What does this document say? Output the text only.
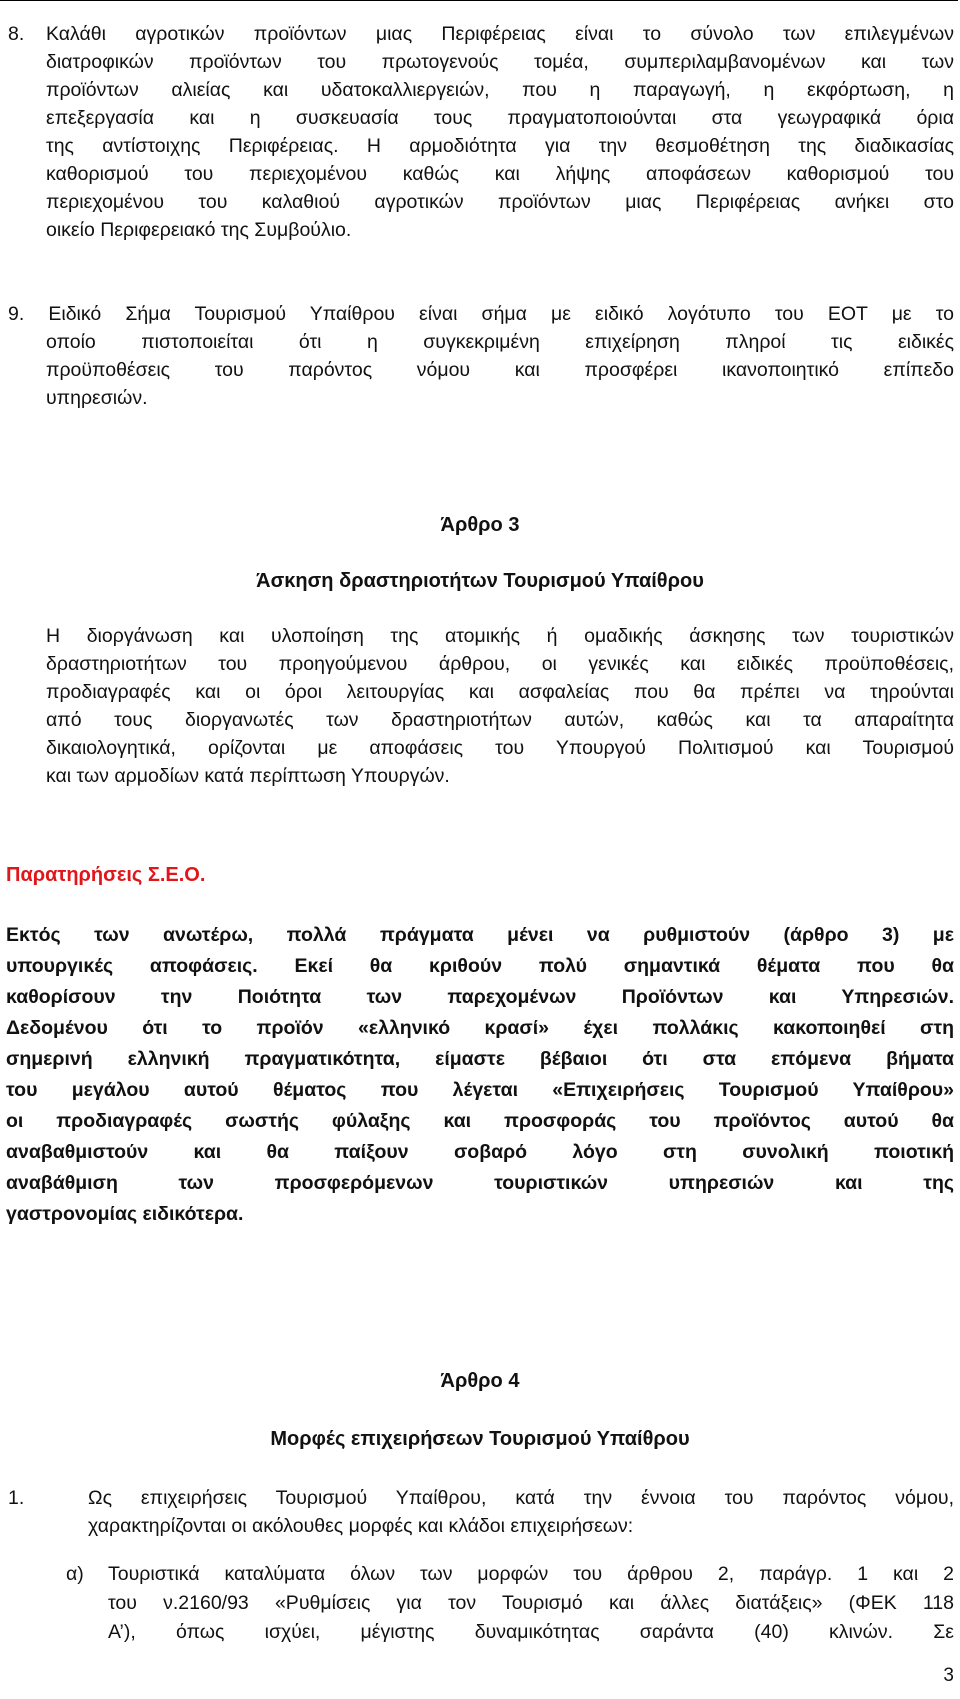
8. Καλάθι αγροτικών προϊόντων μιας Περιφέρειας είναι το σύνολο των επιλεγμένων
διατροφικών προϊόντων του πρωτογενούς τομέα, συμπεριλαμβανομένων και των
προϊόντων αλιείας και υδατοκαλλιεργειών, που η παραγωγή, η εκφόρτωση, η
επεξεργασία και η συσκευασία τους πραγματοποιούνται στα γεωγραφικά όρια
της αντίστοιχης Περιφέρειας. Η αρμοδιότητα για την θεσμοθέτηση της διαδικασίας
καθορισμού του περιεχομένου καθώς και λήψης αποφάσεων καθορισμού του
περιεχομένου του καλαθιού αγροτικών προϊόντων μιας Περιφέρειας ανήκει στο
οικείο Περιφερειακό της Συμβούλιο.
9. Ειδικό Σήμα Τουρισμού Υπαίθρου είναι σήμα με ειδικό λογότυπο του ΕΟΤ με το
οποίο πιστοποιείται ότι η συγκεκριμένη επιχείρηση πληροί τις ειδικές
προϋποθέσεις του παρόντος νόμου και προσφέρει ικανοποιητικό επίπεδο
υπηρεσιών.
Άρθρο 3
Άσκηση δραστηριοτήτων Τουρισμού Υπαίθρου
Η διοργάνωση και υλοποίηση της ατομικής ή ομαδικής άσκησης των τουριστικών
δραστηριοτήτων του προηγούμενου άρθρου, οι γενικές και ειδικές προϋποθέσεις,
προδιαγραφές και οι όροι λειτουργίας και ασφαλείας που θα πρέπει να τηρούνται
από τους διοργανωτές των δραστηριοτήτων αυτών, καθώς και τα απαραίτητα
δικαιολογητικά, ορίζονται με αποφάσεις του Υπουργού Πολιτισμού και Τουρισμού
και των αρμοδίων κατά περίπτωση Υπουργών.
Παρατηρήσεις Σ.Ε.Ο.
Εκτός των ανωτέρω, πολλά πράγματα μένει να ρυθμιστούν (άρθρο 3) με
υπουργικές αποφάσεις. Εκεί θα κριθούν πολύ σημαντικά θέματα που θα
καθορίσουν την Ποιότητα των παρεχομένων Προϊόντων και Υπηρεσιών.
Δεδομένου ότι το προϊόν «ελληνικό κρασί» έχει πολλάκις κακοποιηθεί στη
σημερινή ελληνική πραγματικότητα, είμαστε βέβαιοι ότι στα επόμενα βήματα
του μεγάλου αυτού θέματος που λέγεται «Επιχειρήσεις Τουρισμού Υπαίθρου»
οι προδιαγραφές σωστής φύλαξης και προσφοράς του προϊόντος αυτού θα
αναβαθμιστούν και θα παίξουν σοβαρό λόγο στη συνολική ποιοτική
αναβάθμιση των προσφερόμενων τουριστικών υπηρεσιών και της
γαστρονομίας ειδικότερα.
Άρθρο 4
Μορφές επιχειρήσεων Τουρισμού Υπαίθρου
1.	Ως επιχειρήσεις Τουρισμού Υπαίθρου, κατά την έννοια του παρόντος νόμου,
χαρακτηρίζονται οι ακόλουθες μορφές και κλάδοι επιχειρήσεων:
α) Τουριστικά καταλύματα όλων των μορφών του άρθρου 2, παράγρ. 1 και 2
του ν.2160/93 «Ρυθμίσεις για τον Τουρισμό και άλλες διατάξεις» (ΦΕΚ 118
Α’), όπως ισχύει, μέγιστης δυναμικότητας σαράντα (40) κλινών. Σε
3
